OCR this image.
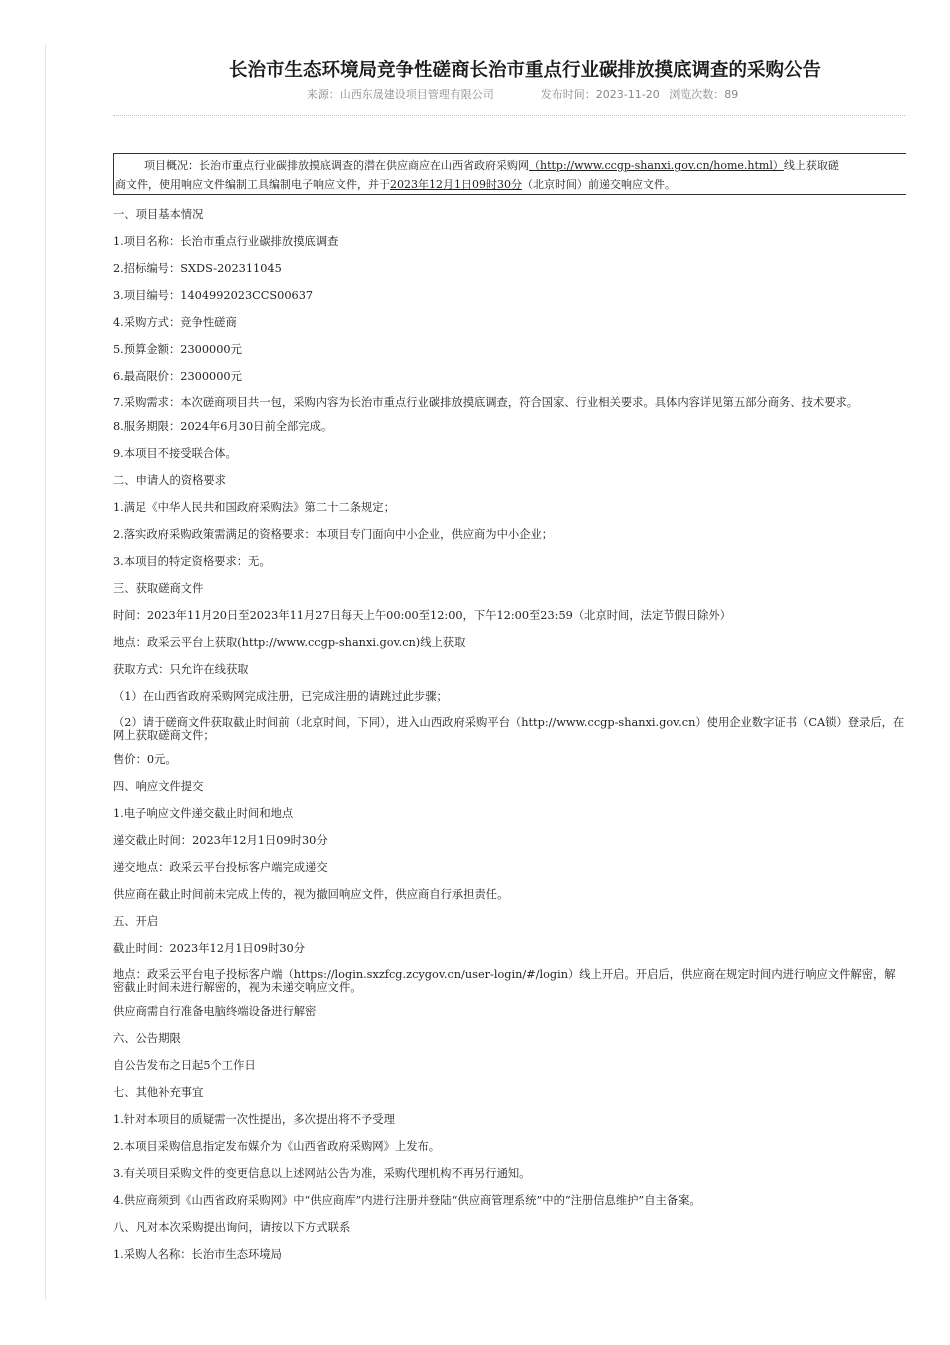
长治市生态环境局竞争性磋商长治市重点行业碳排放摸底调查的采购公告
来源：山西东晟建设项目管理有限公司	发布时间：2023-11-20 浏览次数：89
项目概况：长治市重点行业碳排放摸底调查的潜在供应商应在山西省政府采购网（http://www.ccgp-shanxi.gov.cn/home.html）线上获取磋
商文件，使用响应文件编制工具编制电子响应文件，并于2023年12月1日09时30分（北京时间）前递交响应文件。

一、项目基本情况

1.项目名称：长治市重点行业碳排放摸底调查

2.招标编号：SXDS-202311045

3.项目编号：1404992023CCS00637

4.采购方式：竞争性磋商

5.预算金额：2300000元

6.最高限价：2300000元

7.采购需求：本次磋商项目共一包，采购内容为长治市重点行业碳排放摸底调查，符合国家、行业相关要求。具体内容详见第五部分商务、技术要求。

8.服务期限：2024年6月30日前全部完成。

9.本项目不接受联合体。

二、申请人的资格要求

1.满足《中华人民共和国政府采购法》第二十二条规定；

2.落实政府采购政策需满足的资格要求：本项目专门面向中小企业，供应商为中小企业；

3.本项目的特定资格要求：无。

三、获取磋商文件

时间：2023年11月20日至2023年11月27日每天上午00:00至12:00，下午12:00至23:59（北京时间，法定节假日除外）

地点：政采云平台上获取(http://www.ccgp-shanxi.gov.cn)线上获取

获取方式：只允许在线获取

（1）在山西省政府采购网完成注册，已完成注册的请跳过此步骤；

（2）请于磋商文件获取截止时间前（北京时间，下同），进入山西政府采购平台（http://www.ccgp-shanxi.gov.cn）使用企业数字证书（CA锁）登录后，在网上获取磋商文件；

售价：0元。

四、响应文件提交

1.电子响应文件递交截止时间和地点

递交截止时间：2023年12月1日09时30分

递交地点：政采云平台投标客户端完成递交

供应商在截止时间前未完成上传的，视为撤回响应文件，供应商自行承担责任。

五、开启

截止时间：2023年12月1日09时30分

地点：政采云平台电子投标客户端（https://login.sxzfcg.zcygov.cn/user-login/#/login）线上开启。开启后，供应商在规定时间内进行响应文件解密，解密截止时间未进行解密的，视为未递交响应文件。

供应商需自行准备电脑终端设备进行解密

六、公告期限

自公告发布之日起5个工作日

七、其他补充事宜

1.针对本项目的质疑需一次性提出，多次提出将不予受理

2.本项目采购信息指定发布媒介为《山西省政府采购网》上发布。

3.有关项目采购文件的变更信息以上述网站公告为准，采购代理机构不再另行通知。

4.供应商须到《山西省政府采购网》中“供应商库”内进行注册并登陆“供应商管理系统”中的“注册信息维护”自主备案。

八、凡对本次采购提出询问，请按以下方式联系

1.采购人名称：长治市生态环境局
